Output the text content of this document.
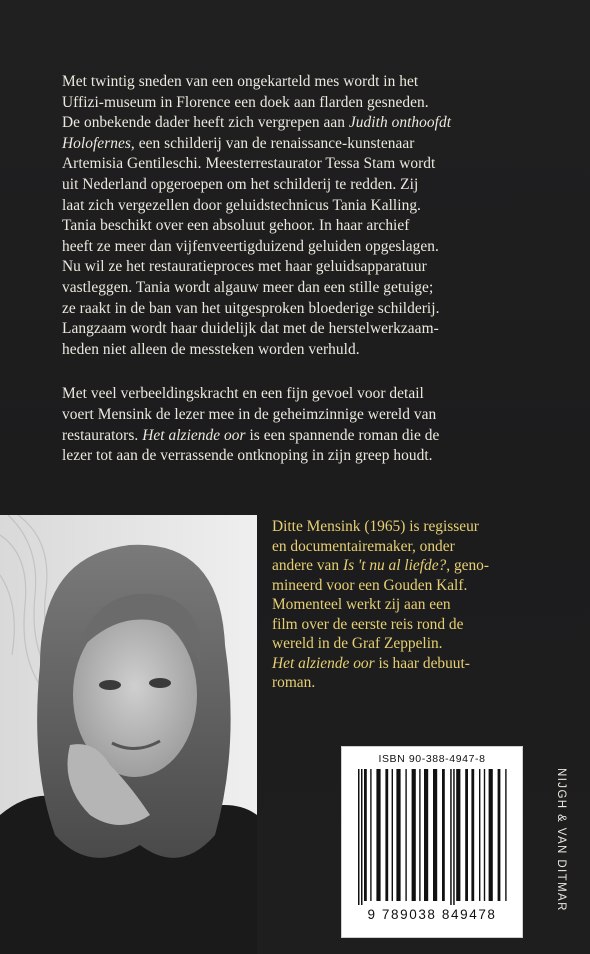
Met twintig sneden van een ongekarteld mes wordt in het
Uffizi-museum in Florence een doek aan flarden gesneden.
De onbekende dader heeft zich vergrepen aan Judith onthoofdt
Holofernes, een schilderij van de renaissance-kunstenaar
Artemisia Gentileschi. Meesterrestaurator Tessa Stam wordt
uit Nederland opgeroepen om het schilderij te redden. Zij
laat zich vergezellen door geluidstechnicus Tania Kalling.
Tania beschikt over een absoluut gehoor. In haar archief
heeft ze meer dan vijfenveertigduizend geluiden opgeslagen.
Nu wil ze het restauratieproces met haar geluidsapparatuur
vastleggen. Tania wordt algauw meer dan een stille getuige;
ze raakt in de ban van het uitgesproken bloederige schilderij.
Langzaam wordt haar duidelijk dat met de herstelwerkzaam-
heden niet alleen de messteken worden verhuld.

Met veel verbeeldingskracht en een fijn gevoel voor detail
voert Mensink de lezer mee in de geheimzinnige wereld van
restaurators. Het alziende oor is een spannende roman die de
lezer tot aan de verrassende ontknoping in zijn greep houdt.

Ditte Mensink (1965) is regisseur
en documentairemaker, onder
andere van Is 't nu al liefde?, geno-
mineerd voor een Gouden Kalf.
Momenteel werkt zij aan een
film over de eerste reis rond de
wereld in de Graf Zeppelin.
Het alziende oor is haar debuut-
roman.
ISBN 90-388-4947-8
9 789038 849478
NIJGH & VAN DITMAR
